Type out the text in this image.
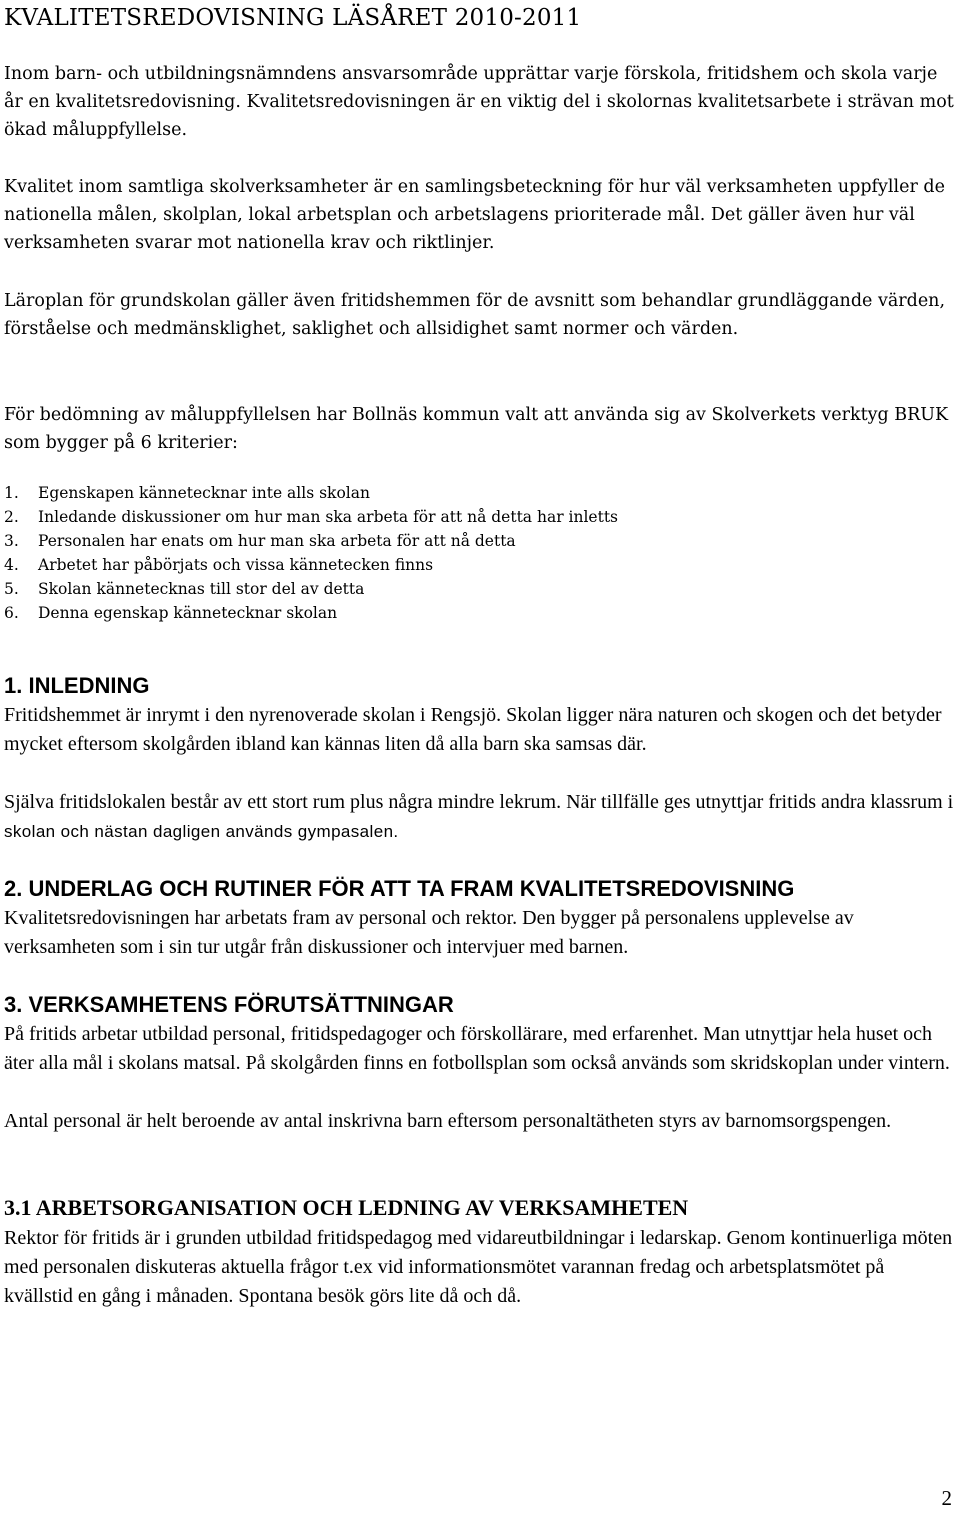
KVALITETSREDOVISNING LÄSÅRET 2010-2011

Inom barn- och utbildningsnämndens ansvarsområde upprättar varje förskola, fritidshem och skola varje år en kvalitetsredovisning. Kvalitetsredovisningen är en viktig del i skolornas kvalitetsarbete i strävan mot ökad måluppfyllelse.

Kvalitet inom samtliga skolverksamheter är en samlingsbeteckning för hur väl verksamheten uppfyller de nationella målen, skolplan, lokal arbetsplan och arbetslagens prioriterade mål. Det gäller även hur väl verksamheten svarar mot nationella krav och riktlinjer.

Läroplan för grundskolan gäller även fritidshemmen för de avsnitt som behandlar grundläggande värden, förståelse och medmänsklighet, saklighet och allsidighet samt normer och värden.

För bedömning av måluppfyllelsen har Bollnäs kommun valt att använda sig av Skolverkets verktyg BRUK som bygger på 6 kriterier:

1.	Egenskapen kännetecknar inte alls skolan
2.	Inledande diskussioner om hur man ska arbeta för att nå detta har inletts
3.	Personalen har enats om hur man ska arbeta för att nå detta
4.	Arbetet har påbörjats och vissa kännetecken finns
5.	Skolan kännetecknas till stor del av detta
6.	Denna egenskap kännetecknar skolan
1. INLEDNING

Fritidshemmet är inrymt i den nyrenoverade skolan i Rengsjö. Skolan ligger nära naturen och skogen och det betyder mycket eftersom skolgården ibland kan kännas liten då alla barn ska samsas där.

Själva fritidslokalen består av ett stort rum plus några mindre lekrum. När tillfälle ges utnyttjar fritids andra klassrum i skolan och nästan dagligen används gympasalen.

2. UNDERLAG OCH RUTINER FÖR ATT TA FRAM KVALITETSREDOVISNING

Kvalitetsredovisningen har arbetats fram av personal och rektor. Den bygger på personalens upplevelse av verksamheten som i sin tur utgår från diskussioner och intervjuer med barnen.

3. VERKSAMHETENS FÖRUTSÄTTNINGAR

På fritids arbetar utbildad personal, fritidspedagoger och förskollärare, med erfarenhet. Man utnyttjar hela huset och äter alla mål i skolans matsal. På skolgården finns en fotbollsplan som också används som skridskoplan under vintern.

Antal personal är helt beroende av antal inskrivna barn eftersom personaltätheten styrs av barnomsorgspengen.

3.1 ARBETSORGANISATION OCH LEDNING AV VERKSAMHETEN

Rektor för fritids är i grunden utbildad fritidspedagog med vidareutbildningar i ledarskap. Genom kontinuerliga möten med personalen diskuteras aktuella frågor t.ex vid informationsmötet varannan fredag och arbetsplatsmötet på kvällstid en gång i månaden. Spontana besök görs lite då och då.

2
